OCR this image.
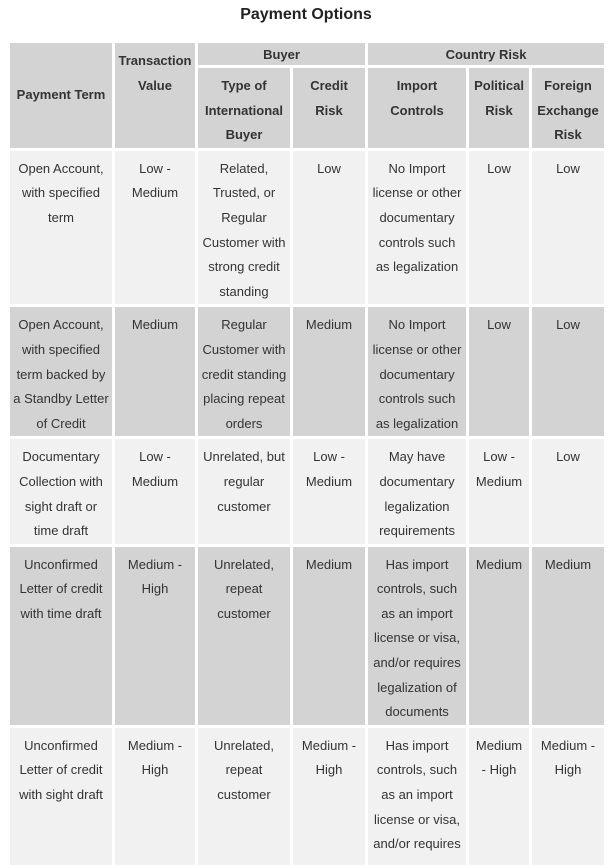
Payment Options
Payment Term	Transaction Value	Buyer		Country Risk		
		Type of International Buyer	Credit Risk	Import Controls	Political Risk	Foreign Exchange Risk
Open Account, with specified term	Low - Medium	Related, Trusted, or Regular Customer with strong credit standing	Low	No Import license or other documentary controls such as legalization	Low	Low
Open Account, with specified term backed by a Standby Letter of Credit	Medium	Regular Customer with credit standing placing repeat orders	Medium	No Import license or other documentary controls such as legalization	Low	Low
Documentary Collection with sight draft or time draft	Low - Medium	Unrelated, but regular customer	Low - Medium	May have documentary legalization requirements	Low - Medium	Low
Unconfirmed Letter of credit with time draft	Medium - High	Unrelated, repeat customer	Medium	Has import controls, such as an import license or visa, and/or requires legalization of documents	Medium	Medium
Unconfirmed Letter of credit with sight draft	Medium - High	Unrelated, repeat customer	Medium - High	Has import controls, such as an import license or visa, and/or requires	Medium - High	Medium - High
